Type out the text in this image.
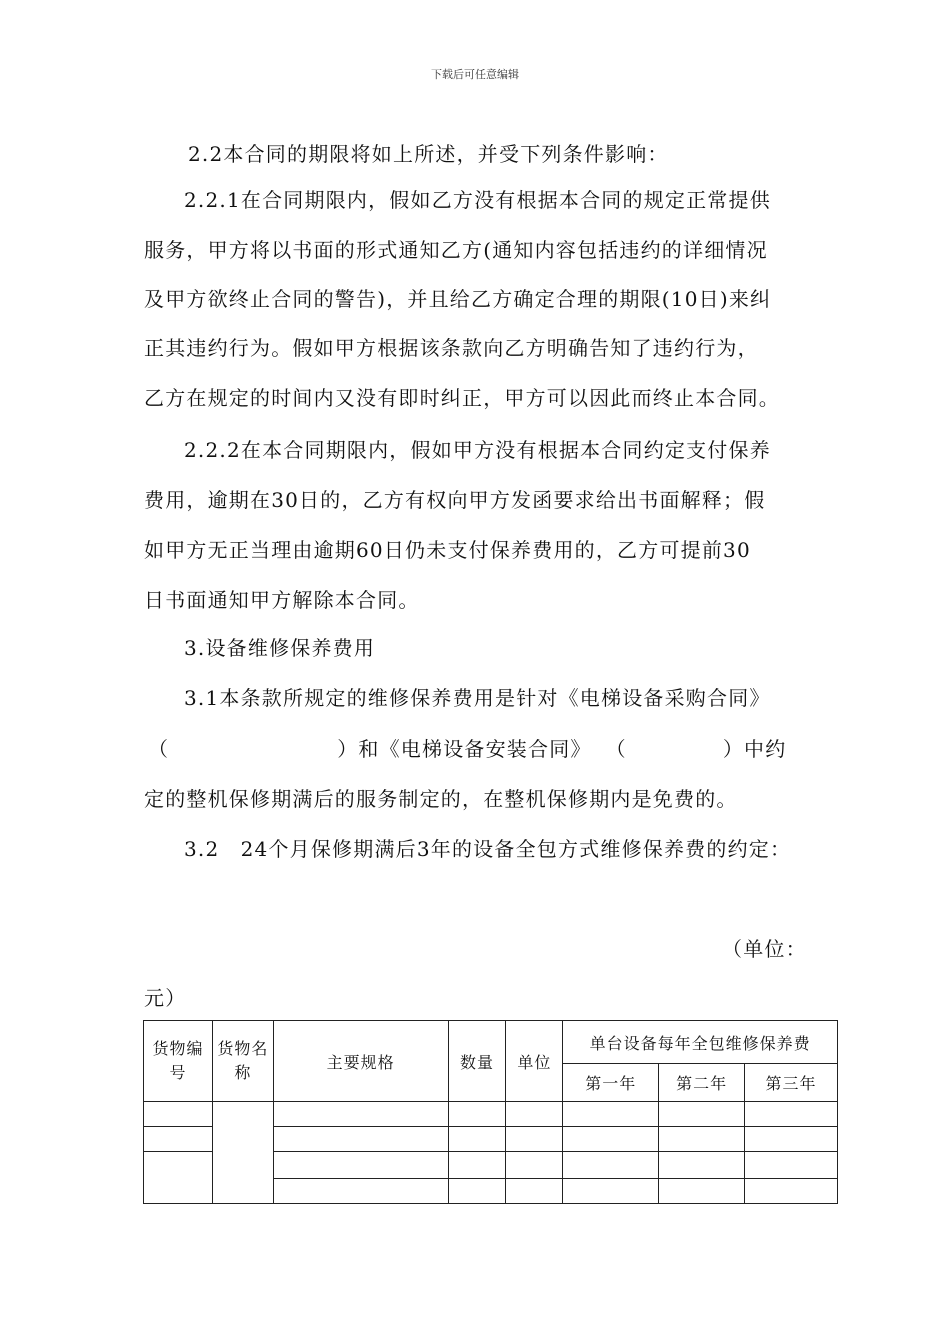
下载后可任意编辑
2.2本合同的期限将如上所述，并受下列条件影响：
2.2.1在合同期限内，假如乙方没有根据本合同的规定正常提供
服务，甲方将以书面的形式通知乙方(通知内容包括违约的详细情况
及甲方欲终止合同的警告)，并且给乙方确定合理的期限(10日)来纠
正其违约行为。假如甲方根据该条款向乙方明确告知了违约行为，
乙方在规定的时间内又没有即时纠正，甲方可以因此而终止本合同。
2.2.2在本合同期限内，假如甲方没有根据本合同约定支付保养
费用，逾期在30日的，乙方有权向甲方发函要求给出书面解释；假
如甲方无正当理由逾期60日仍未支付保养费用的，乙方可提前30
日书面通知甲方解除本合同。
3.设备维修保养费用
3.1本条款所规定的维修保养费用是针对《电梯设备采购合同》
（	）和《电梯设备安装合同》 （	）中约
定的整机保修期满后的服务制定的，在整机保修期内是免费的。
3.2　24个月保修期满后3年的设备全包方式维修保养费的约定：
（单位：
元）
货物编号	货物名称	主要规格	数量	单位	单台设备每年全包维修保养费		
					第一年	第二年	第三年
